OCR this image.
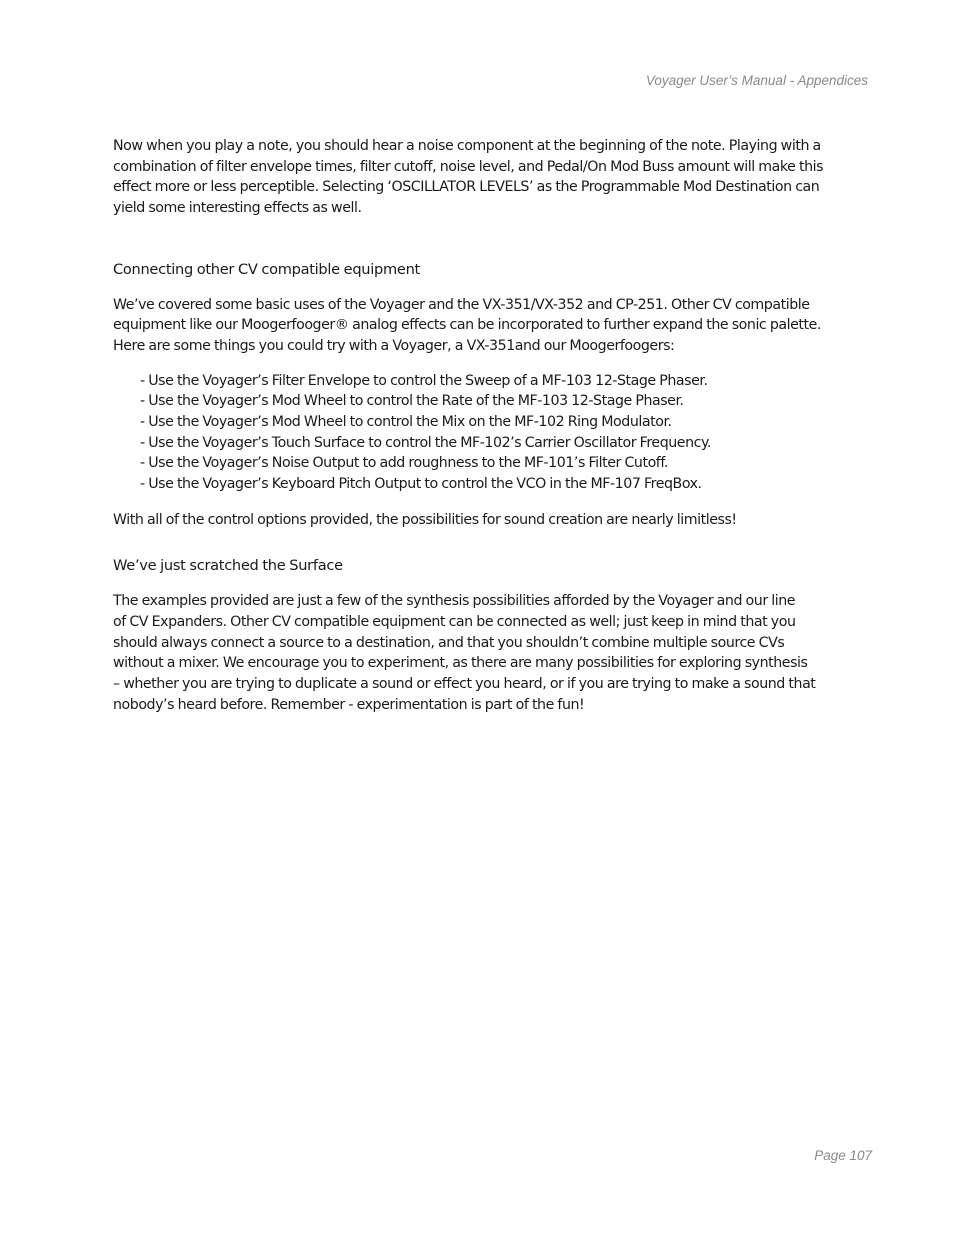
Voyager User’s Manual - Appendices

Now when you play a note, you should hear a noise component at the beginning of the note. Playing with a
combination of filter envelope times, filter cutoff, noise level, and Pedal/On Mod Buss amount will make this
effect more or less perceptible. Selecting ‘OSCILLATOR LEVELS’ as the Programmable Mod Destination can
yield some interesting effects as well.

Connecting other CV compatible equipment

We’ve covered some basic uses of the Voyager and the VX-351/VX-352 and CP-251. Other CV compatible
equipment like our Moogerfooger® analog effects can be incorporated to further expand the sonic palette.
Here are some things you could try with a Voyager, a VX-351and our Moogerfoogers:

- Use the Voyager’s Filter Envelope to control the Sweep of a MF-103 12-Stage Phaser.
- Use the Voyager’s Mod Wheel to control the Rate of the MF-103 12-Stage Phaser.
- Use the Voyager’s Mod Wheel to control the Mix on the MF-102 Ring Modulator.
- Use the Voyager’s Touch Surface to control the MF-102’s Carrier Oscillator Frequency.
- Use the Voyager’s Noise Output to add roughness to the MF-101’s Filter Cutoff.
- Use the Voyager’s Keyboard Pitch Output to control the VCO in the MF-107 FreqBox.

With all of the control options provided, the possibilities for sound creation are nearly limitless!

We’ve just scratched the Surface

The examples provided are just a few of the synthesis possibilities afforded by the Voyager and our line
of CV Expanders. Other CV compatible equipment can be connected as well; just keep in mind that you
should always connect a source to a destination, and that you shouldn’t combine multiple source CVs
without a mixer. We encourage you to experiment, as there are many possibilities for exploring synthesis
– whether you are trying to duplicate a sound or effect you heard, or if you are trying to make a sound that
nobody’s heard before. Remember - experimentation is part of the fun!

Page 107
